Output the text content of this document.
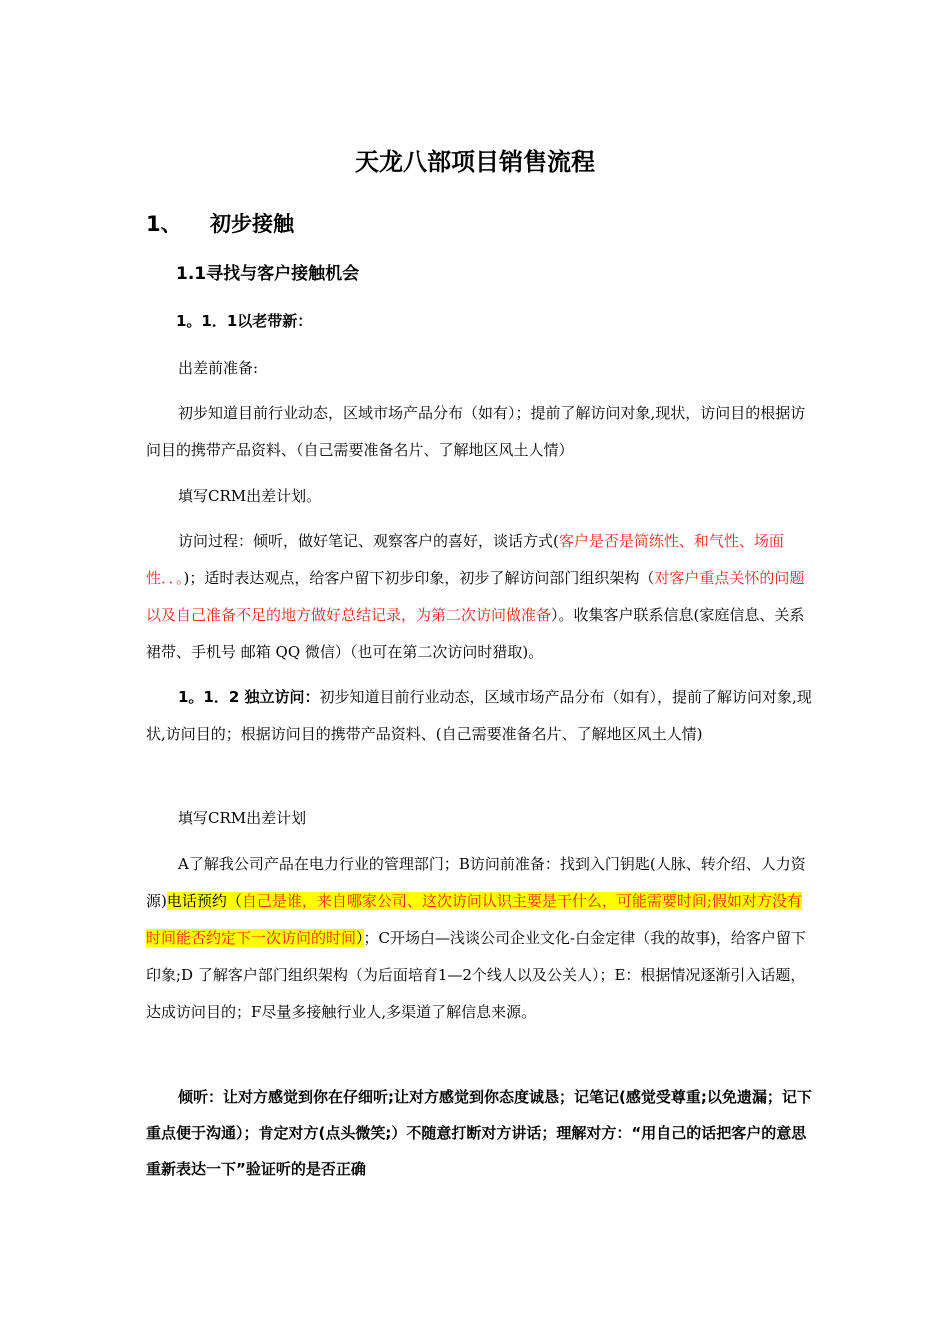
天龙八部项目销售流程
1、 初步接触
1.1寻找与客户接触机会
1。1．1以老带新：
出差前准备:
初步知道目前行业动态，区域市场产品分布（如有）；提前了解访问对象,现状，访问目的根据访问目的携带产品资料、（自己需要准备名片、了解地区风土人情）
填写CRM出差计划。
访问过程：倾听，做好笔记、观察客户的喜好，谈话方式(客户是否是简练性、和气性、场面性．．。)；适时表达观点，给客户留下初步印象，初步了解访问部门组织架构（对客户重点关怀的问题以及自己准备不足的地方做好总结记录，为第二次访问做准备）。收集客户联系信息(家庭信息、关系裙带、手机号 邮箱 QQ 微信）（也可在第二次访问时猎取)。
1。1．2 独立访问：初步知道目前行业动态，区域市场产品分布（如有），提前了解访问对象,现状,访问目的；根据访问目的携带产品资料、(自己需要准备名片、了解地区风土人情)
填写CRM出差计划
A了解我公司产品在电力行业的管理部门；B访问前准备：找到入门钥匙(人脉、转介绍、人力资源)电话预约（自己是谁，来自哪家公司、这次访问认识主要是干什么，可能需要时间;假如对方没有时间能否约定下一次访问的时间）；C开场白—浅谈公司企业文化-白金定律（我的故事)，给客户留下印象;D 了解客户部门组织架构（为后面培育1—2个线人以及公关人）；E：根据情况逐渐引入话题，达成访问目的；F尽量多接触行业人,多渠道了解信息来源。
倾听：让对方感觉到你在仔细听;让对方感觉到你态度诚恳；记笔记(感觉受尊重;以免遗漏；记下重点便于沟通）；肯定对方(点头微笑;）不随意打断对方讲话；理解对方：“用自己的话把客户的意思重新表达一下”验证听的是否正确
